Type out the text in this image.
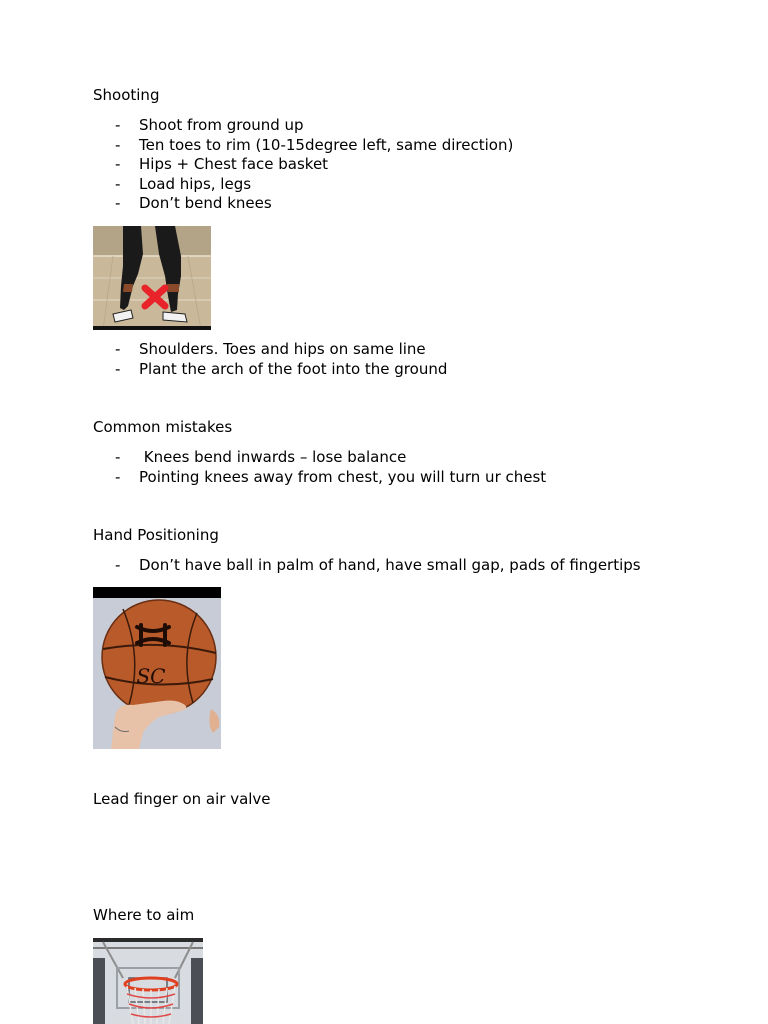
Shooting

- Shoot from ground up
- Ten toes to rim (10-15degree left, same direction)
- Hips + Chest face basket
- Load hips, legs
- Don’t bend knees
- Shoulders. Toes and hips on same line
- Plant the arch of the foot into the ground

Common mistakes

- Knees bend inwards – lose balance
- Pointing knees away from chest, you will turn ur chest

Hand Positioning

- Don’t have ball in palm of hand, have small gap, pads of fingertips
SC

Lead finger on air valve

Where to aim
